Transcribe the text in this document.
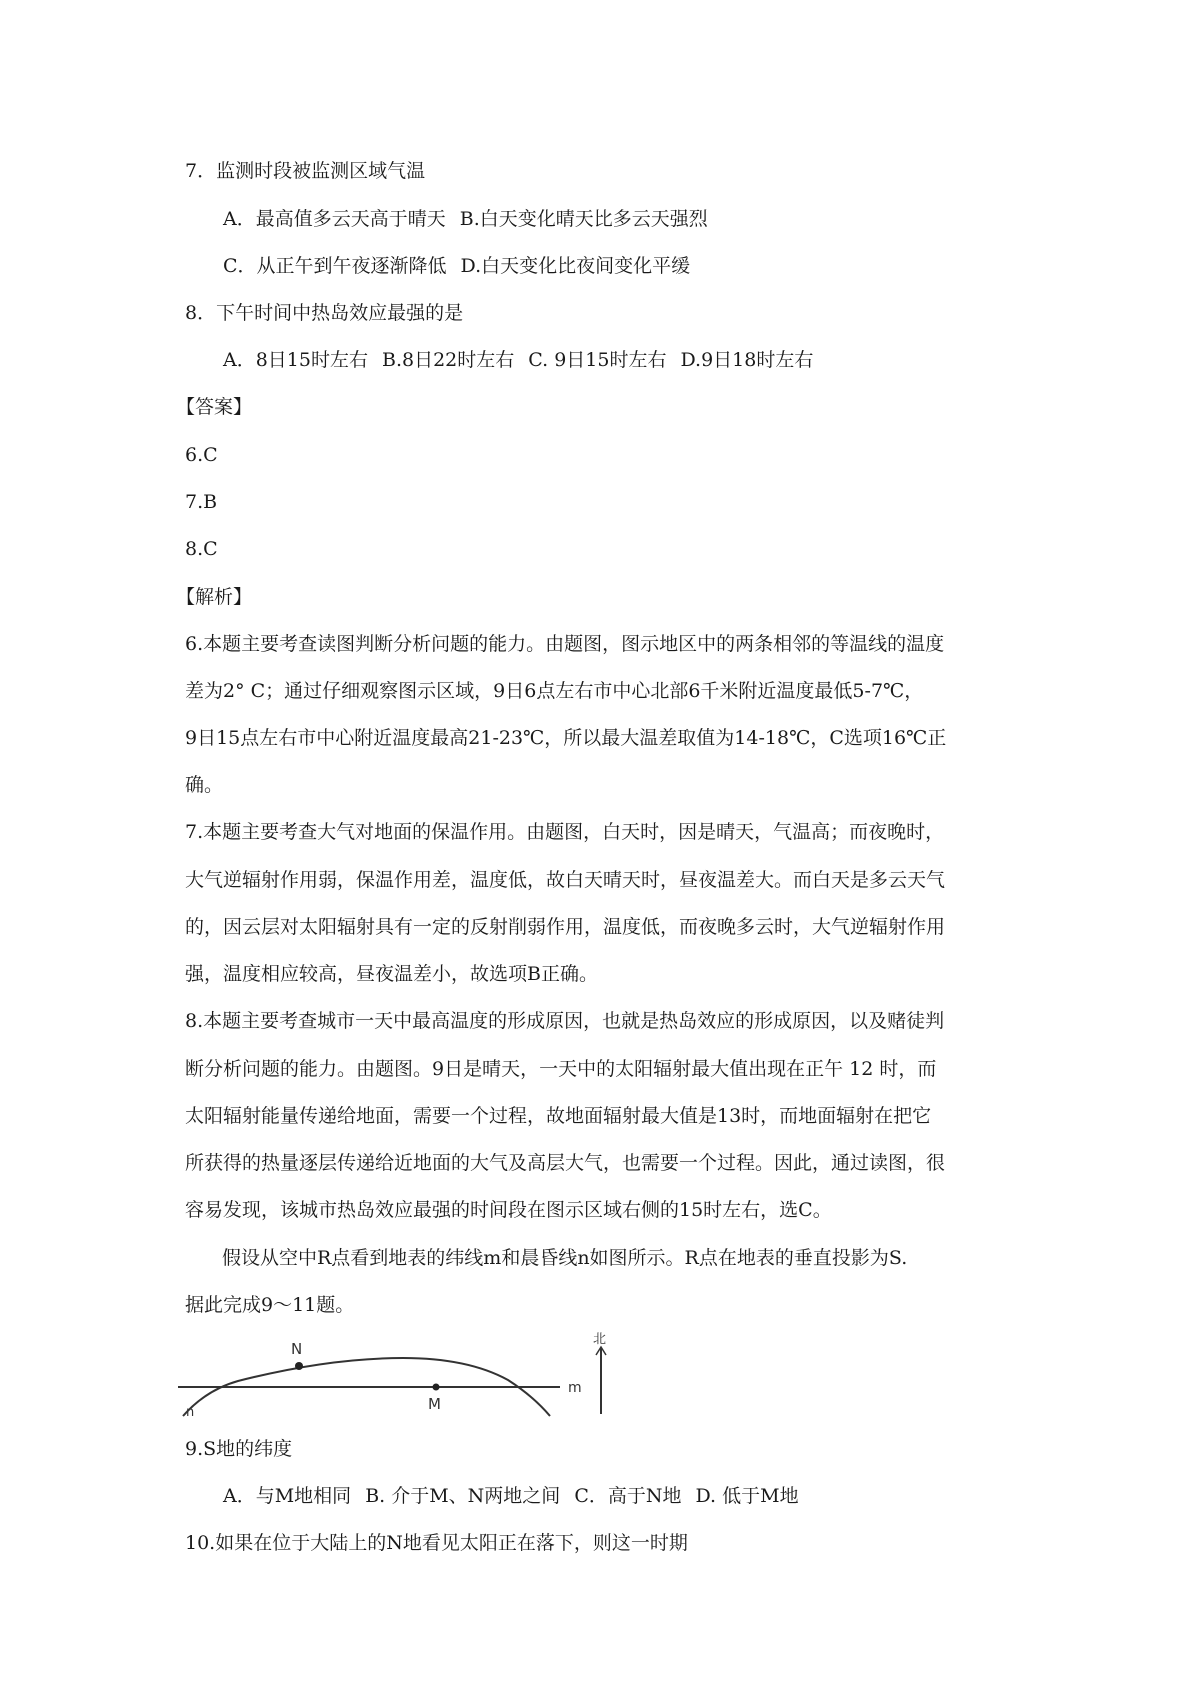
7．监测时段被监测区域气温
A．最高值多云天高于晴天 B.白天变化晴天比多云天强烈
C．从正午到午夜逐渐降低 D.白天变化比夜间变化平缓
8．下午时间中热岛效应最强的是
A．8日15时左右 B.8日22时左右 C. 9日15时左右 D.9日18时左右
【答案】
6.C
7.B
8.C
【解析】
6.本题主要考查读图判断分析问题的能力。由题图，图示地区中的两条相邻的等温线的温度
差为2° C；通过仔细观察图示区域，9日6点左右市中心北部6千米附近温度最低5-7℃，
9日15点左右市中心附近温度最高21-23℃，所以最大温差取值为14-18℃，C选项16℃正
确。
7.本题主要考查大气对地面的保温作用。由题图，白天时，因是晴天，气温高；而夜晚时，
大气逆辐射作用弱，保温作用差，温度低，故白天晴天时，昼夜温差大。而白天是多云天气
的，因云层对太阳辐射具有一定的反射削弱作用，温度低，而夜晚多云时，大气逆辐射作用
强，温度相应较高，昼夜温差小，故选项B正确。
8.本题主要考查城市一天中最高温度的形成原因，也就是热岛效应的形成原因，以及赌徒判
断分析问题的能力。由题图。9日是晴天，一天中的太阳辐射最大值出现在正午 12 时，而
太阳辐射能量传递给地面，需要一个过程，故地面辐射最大值是13时，而地面辐射在把它
所获得的热量逐层传递给近地面的大气及高层大气，也需要一个过程。因此，通过读图，很
容易发现，该城市热岛效应最强的时间段在图示区域右侧的15时左右，选C。
假设从空中R点看到地表的纬线m和晨昏线n如图所示。R点在地表的垂直投影为S.
据此完成9～11题。
N
M
m
n
北
9.S地的纬度
A．与M地相同 B. 介于M、N两地之间 C．高于N地 D. 低于M地
10.如果在位于大陆上的N地看见太阳正在落下，则这一时期
